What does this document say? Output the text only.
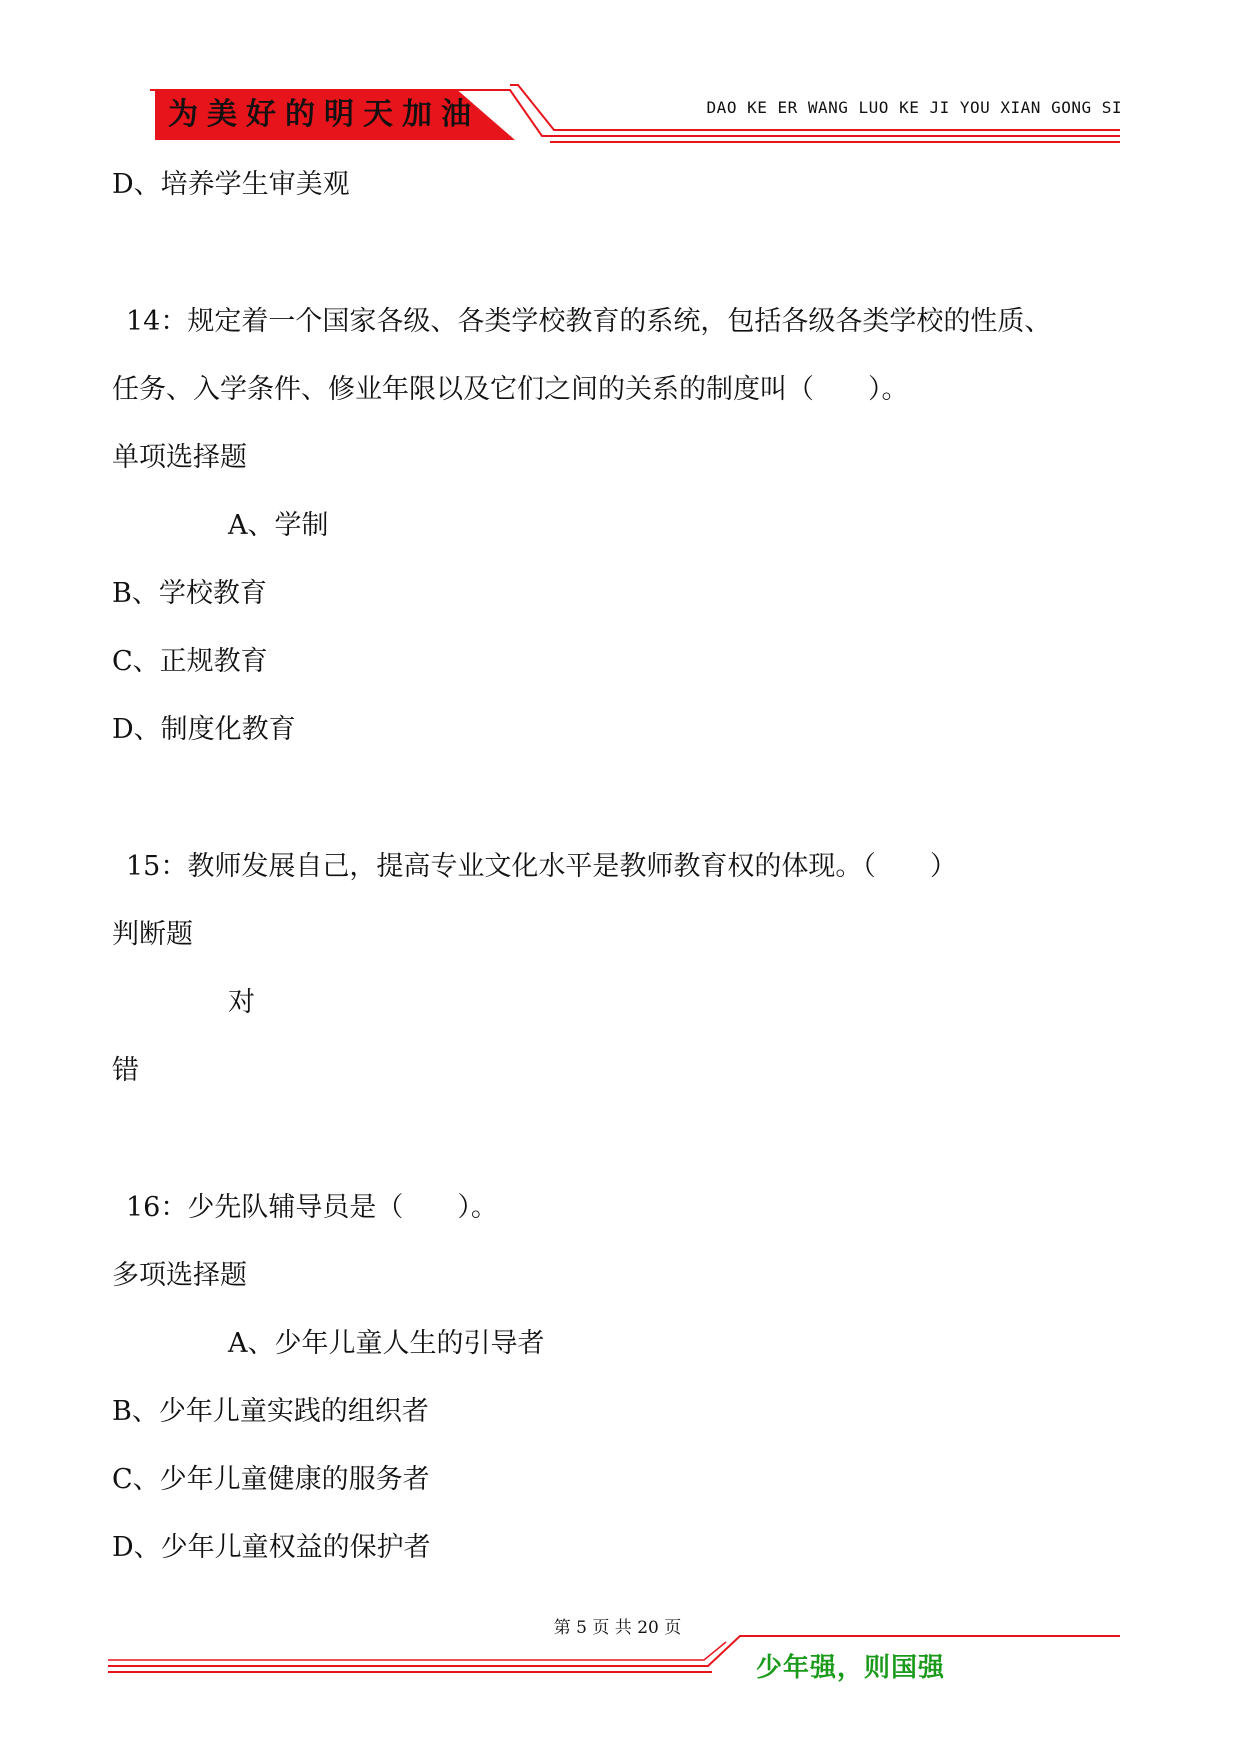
为美好的明天加油	DAO KE ER WANG LUO KE JI YOU XIAN GONG SI
D、培养学生审美观
14：规定着一个国家各级、各类学校教育的系统，包括各级各类学校的性质、
任务、入学条件、修业年限以及它们之间的关系的制度叫（　　）。
单项选择题
A、学制
B、学校教育
C、正规教育
D、制度化教育
15：教师发展自己，提高专业文化水平是教师教育权的体现。（　　）
判断题
对
错
16：少先队辅导员是（　　）。
多项选择题
A、少年儿童人生的引导者
B、少年儿童实践的组织者
C、少年儿童健康的服务者
D、少年儿童权益的保护者
第 5 页 共 20 页
少年强，则国强
